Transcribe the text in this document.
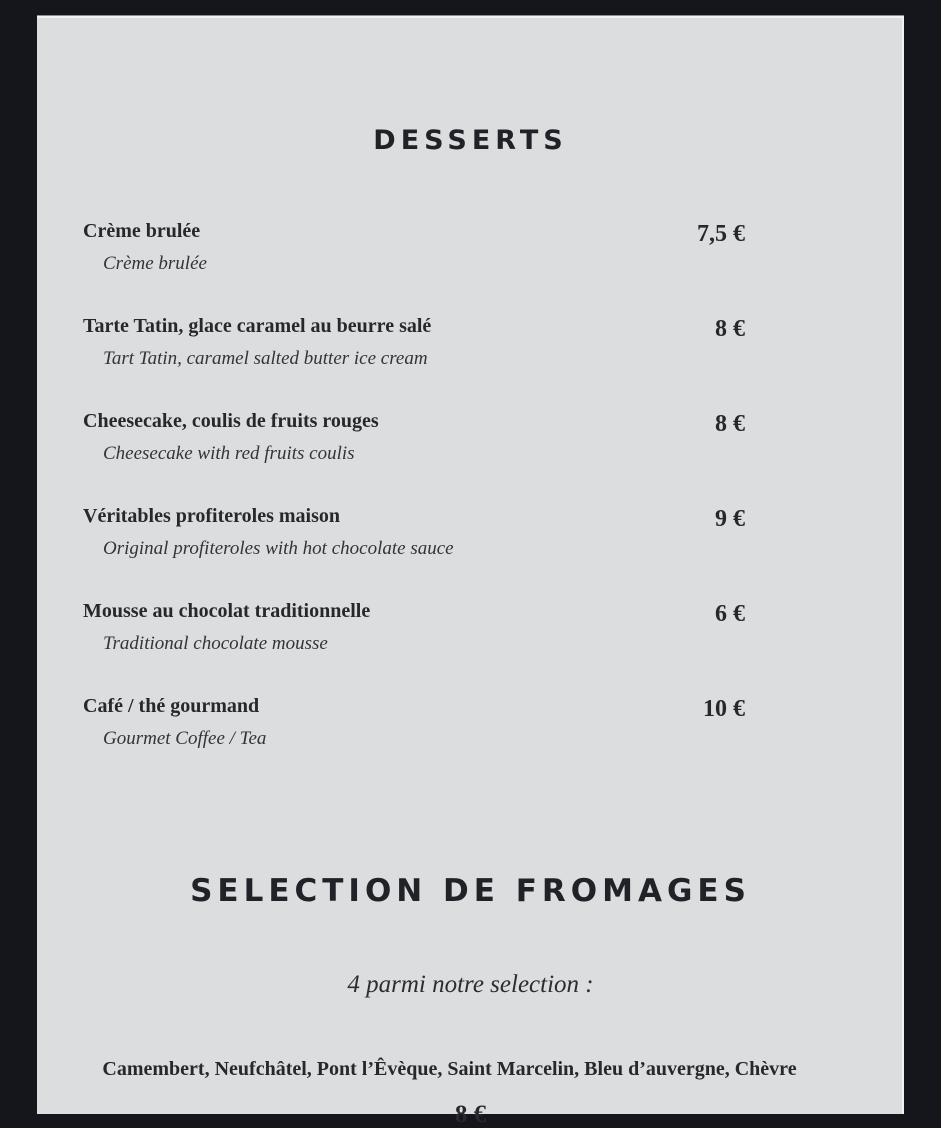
DESSERTS
Crème brulée	7,5 €
Crème brulée
Tarte Tatin, glace caramel au beurre salé	8 €
Tart Tatin, caramel salted butter ice cream
Cheesecake, coulis de fruits rouges	8 €
Cheesecake with red fruits coulis
Véritables profiteroles maison	9 €
Original profiteroles with hot chocolate sauce
Mousse au chocolat traditionnelle	6 €
Traditional chocolate mousse
Café / thé gourmand	10 €
Gourmet Coffee / Tea
SELECTION DE FROMAGES

4 parmi notre selection :

Camembert, Neufchâtel, Pont l’Êvèque, Saint Marcelin, Bleu d’auvergne, Chèvre

8 €
